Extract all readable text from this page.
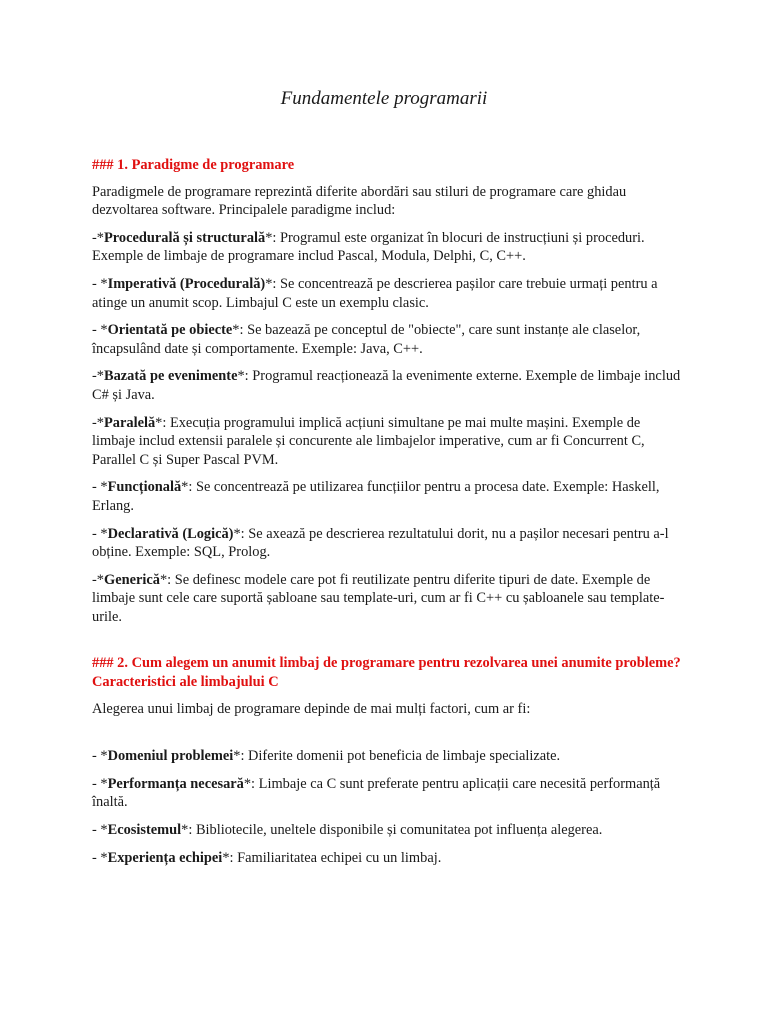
Fundamentele programarii
### 1. Paradigme de programare
Paradigmele de programare reprezintă diferite abordări sau stiluri de programare care ghidau dezvoltarea software. Principalele paradigme includ:
-*Procedurală și structurală*: Programul este organizat în blocuri de instrucțiuni și proceduri. Exemple de limbaje de programare includ Pascal, Modula, Delphi, C, C++.
- *Imperativă (Procedurală)*: Se concentrează pe descrierea pașilor care trebuie urmați pentru a atinge un anumit scop. Limbajul C este un exemplu clasic.
- *Orientată pe obiecte*: Se bazează pe conceptul de "obiecte", care sunt instanțe ale claselor, încapsulând date și comportamente. Exemple: Java, C++.
-*Bazată pe evenimente*: Programul reacționează la evenimente externe. Exemple de limbaje includ C# și Java.
-*Paralelă*: Execuția programului implică acțiuni simultane pe mai multe mașini. Exemple de limbaje includ extensii paralele și concurente ale limbajelor imperative, cum ar fi Concurrent C, Parallel C și Super Pascal PVM.
- *Funcțională*: Se concentrează pe utilizarea funcțiilor pentru a procesa date. Exemple: Haskell, Erlang.
- *Declarativă (Logică)*: Se axează pe descrierea rezultatului dorit, nu a pașilor necesari pentru a-l obține. Exemple: SQL, Prolog.
-*Generică*: Se definesc modele care pot fi reutilizate pentru diferite tipuri de date. Exemple de limbaje sunt cele care suportă șabloane sau template-uri, cum ar fi C++ cu șabloanele sau template-urile.
### 2. Cum alegem un anumit limbaj de programare pentru rezolvarea unei anumite probleme? Caracteristici ale limbajului C
Alegerea unui limbaj de programare depinde de mai mulți factori, cum ar fi:
- *Domeniul problemei*: Diferite domenii pot beneficia de limbaje specializate.
- *Performanța necesară*: Limbaje ca C sunt preferate pentru aplicații care necesită performanță înaltă.
- *Ecosistemul*: Bibliotecile, uneltele disponibile și comunitatea pot influența alegerea.
- *Experiența echipei*: Familiaritatea echipei cu un limbaj.
